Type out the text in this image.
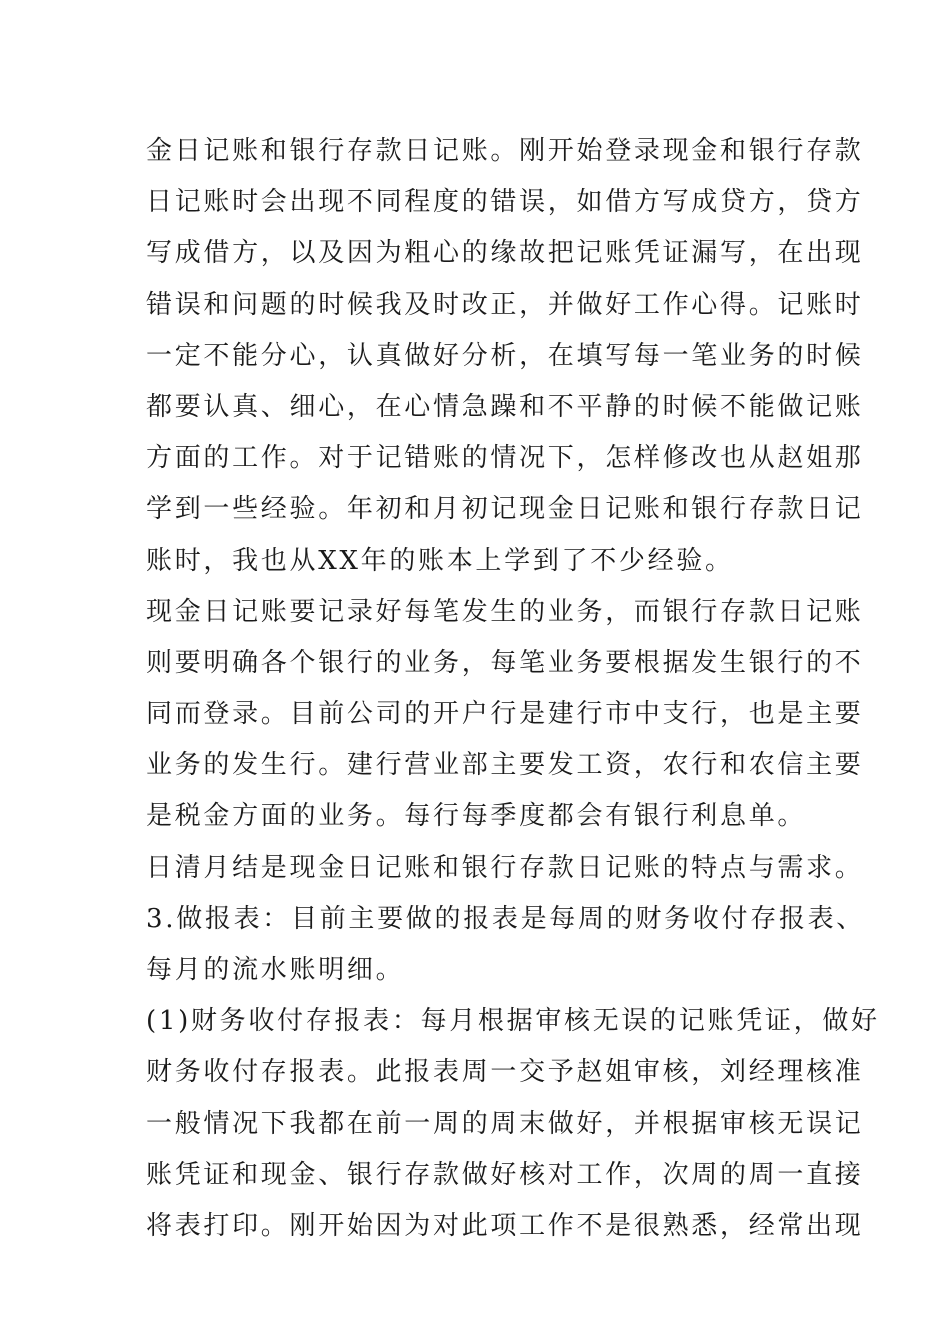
金日记账和银行存款日记账。刚开始登录现金和银行存款
日记账时会出现不同程度的错误，如借方写成贷方，贷方
写成借方，以及因为粗心的缘故把记账凭证漏写，在出现
错误和问题的时候我及时改正，并做好工作心得。记账时
一定不能分心，认真做好分析，在填写每一笔业务的时候
都要认真、细心，在心情急躁和不平静的时候不能做记账
方面的工作。对于记错账的情况下，怎样修改也从赵姐那
学到一些经验。年初和月初记现金日记账和银行存款日记
账时，我也从XX年的账本上学到了不少经验。
现金日记账要记录好每笔发生的业务，而银行存款日记账
则要明确各个银行的业务，每笔业务要根据发生银行的不
同而登录。目前公司的开户行是建行市中支行，也是主要
业务的发生行。建行营业部主要发工资，农行和农信主要
是税金方面的业务。每行每季度都会有银行利息单。
日清月结是现金日记账和银行存款日记账的特点与需求。
3.做报表：目前主要做的报表是每周的财务收付存报表、
每月的流水账明细。
(1)财务收付存报表：每月根据审核无误的记账凭证，做好
财务收付存报表。此报表周一交予赵姐审核，刘经理核准
一般情况下我都在前一周的周末做好，并根据审核无误记
账凭证和现金、银行存款做好核对工作，次周的周一直接
将表打印。刚开始因为对此项工作不是很熟悉，经常出现
